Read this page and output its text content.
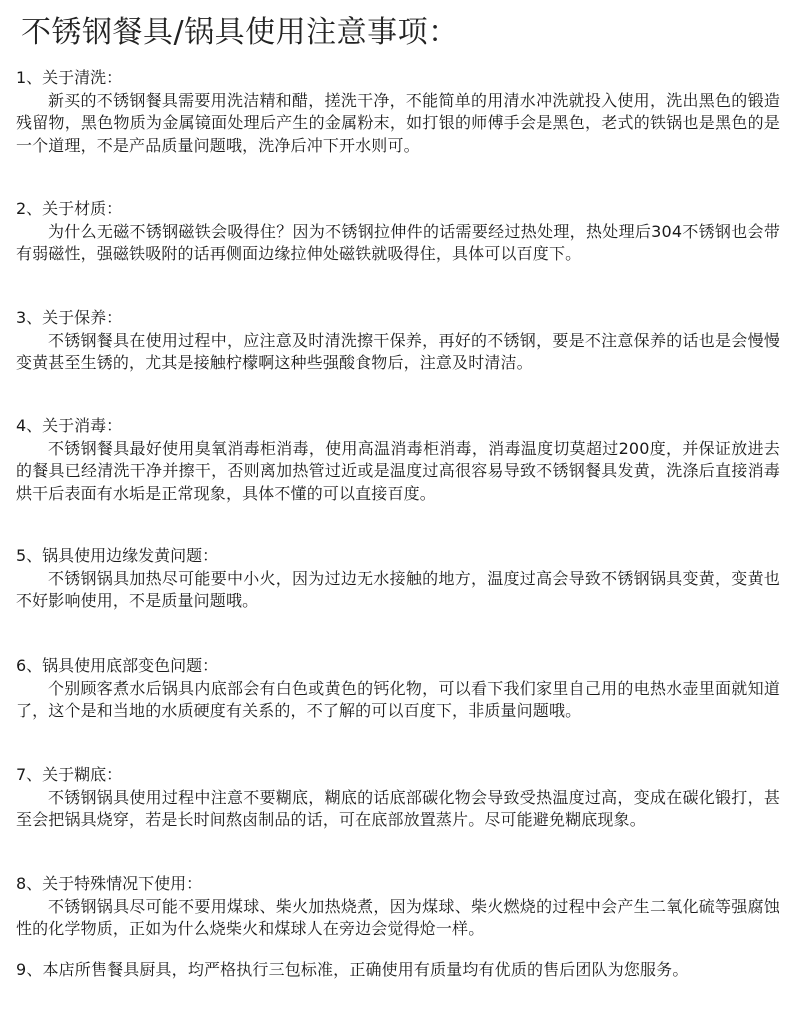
不锈钢餐具/锅具使用注意事项：
1、关于清洗：
新买的不锈钢餐具需要用洗洁精和醋，搓洗干净，不能简单的用清水冲洗就投入使用，洗出黑色的锻造残留物，黑色物质为金属镜面处理后产生的金属粉末，如打银的师傅手会是黑色，老式的铁锅也是黑色的是一个道理，不是产品质量问题哦，洗净后冲下开水则可。
2、关于材质：
为什么无磁不锈钢磁铁会吸得住？因为不锈钢拉伸件的话需要经过热处理，热处理后304不锈钢也会带有弱磁性，强磁铁吸附的话再侧面边缘拉伸处磁铁就吸得住，具体可以百度下。
3、关于保养：
不锈钢餐具在使用过程中，应注意及时清洗擦干保养，再好的不锈钢，要是不注意保养的话也是会慢慢变黄甚至生锈的，尤其是接触柠檬啊这种些强酸食物后，注意及时清洁。
4、关于消毒：
不锈钢餐具最好使用臭氧消毒柜消毒，使用高温消毒柜消毒，消毒温度切莫超过200度，并保证放进去的餐具已经清洗干净并擦干，否则离加热管过近或是温度过高很容易导致不锈钢餐具发黄，洗涤后直接消毒烘干后表面有水垢是正常现象，具体不懂的可以直接百度。
5、锅具使用边缘发黄问题：
不锈钢锅具加热尽可能要中小火，因为过边无水接触的地方，温度过高会导致不锈钢锅具变黄，变黄也不好影响使用，不是质量问题哦。
6、锅具使用底部变色问题：
个别顾客煮水后锅具内底部会有白色或黄色的钙化物，可以看下我们家里自己用的电热水壶里面就知道了，这个是和当地的水质硬度有关系的，不了解的可以百度下，非质量问题哦。
7、关于糊底：
不锈钢锅具使用过程中注意不要糊底，糊底的话底部碳化物会导致受热温度过高，变成在碳化锻打，甚至会把锅具烧穿，若是长时间熬卤制品的话，可在底部放置蒸片。尽可能避免糊底现象。
8、关于特殊情况下使用：
不锈钢锅具尽可能不要用煤球、柴火加热烧煮，因为煤球、柴火燃烧的过程中会产生二氧化硫等强腐蚀性的化学物质，正如为什么烧柴火和煤球人在旁边会觉得炝一样。
9、本店所售餐具厨具，均严格执行三包标准，正确使用有质量均有优质的售后团队为您服务。
